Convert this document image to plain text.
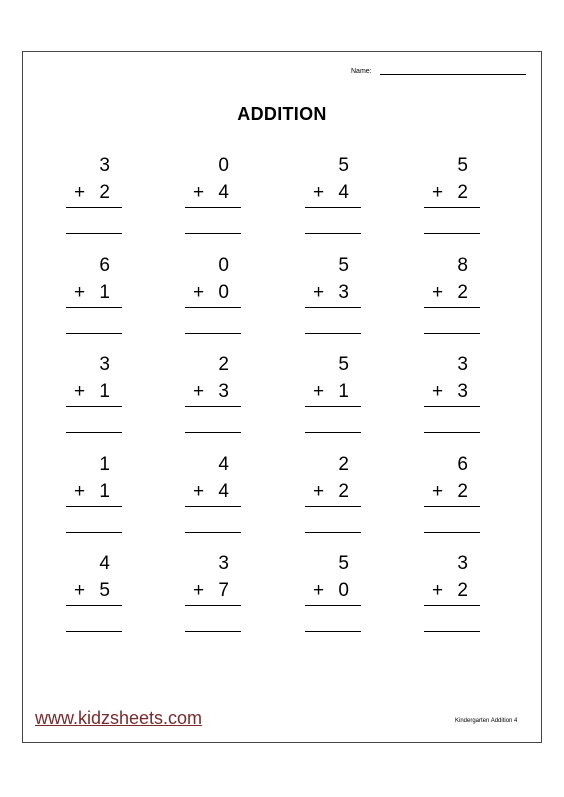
Name:
ADDITION
3
+ 2
0
+ 4
5
+ 4
5
+ 2
6
+ 1
0
+ 0
5
+ 3
8
+ 2
3
+ 1
2
+ 3
5
+ 1
3
+ 3
1
+ 1
4
+ 4
2
+ 2
6
+ 2
4
+ 5
3
+ 7
5
+ 0
3
+ 2
www.kidzsheets.com	Kindergarten Addition 4
